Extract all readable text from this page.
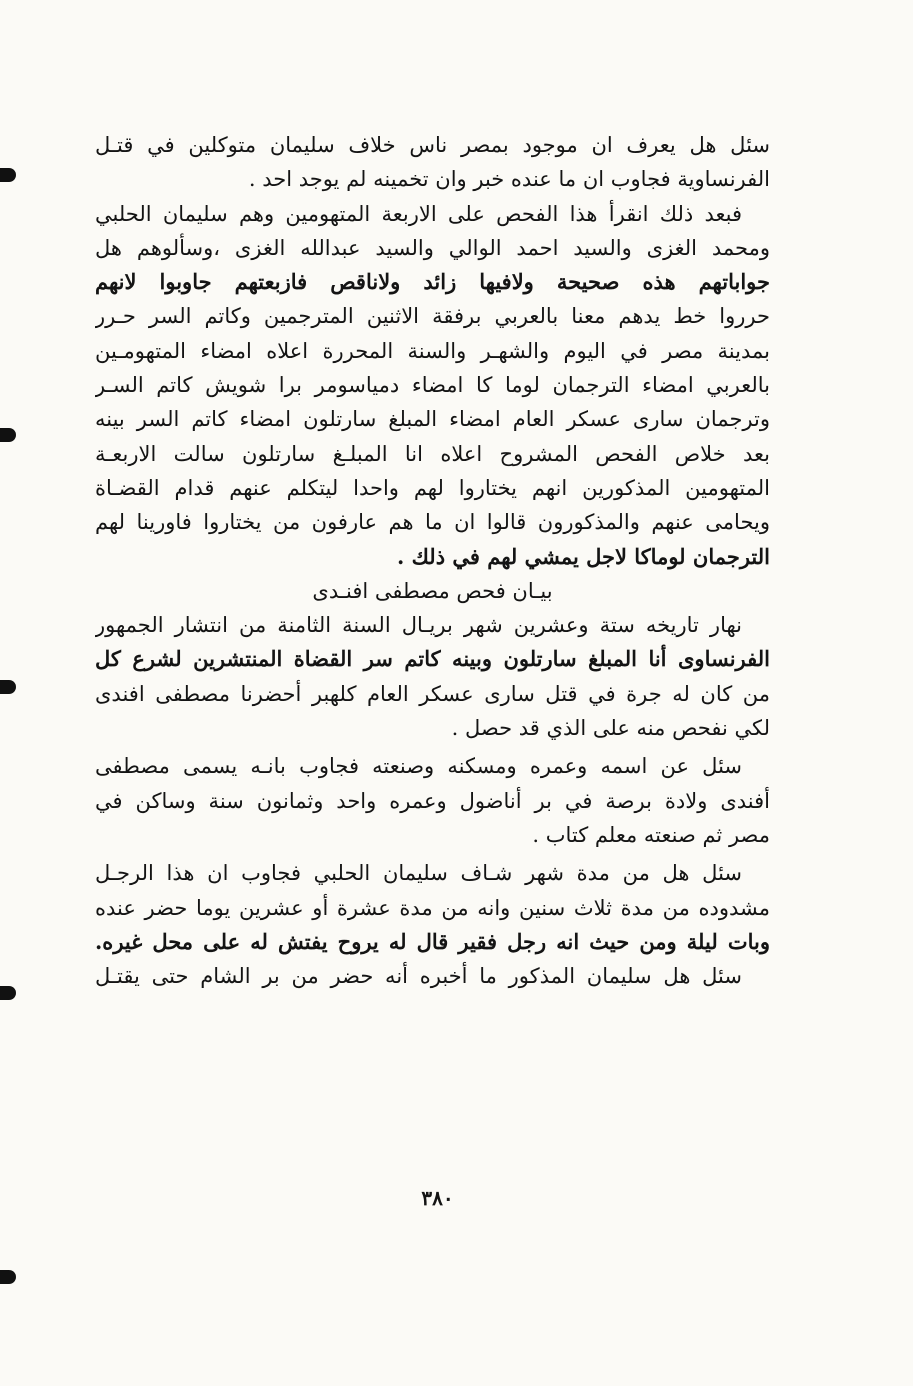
سئل هل يعرف ان موجود بمصر ناس خلاف سليمان متوكلين في قتـل
الفرنساوية فجاوب ان ما عنده خبر وان تخمينه لم يوجد احد .
فبعد ذلك انقرأ هذا الفحص على الاربعة المتهومين وهم سليمان الحلبي
ومحمد الغزى والسيد احمد الوالي والسيد عبدالله الغزى ،وسألوهم هل
جواباتهم هذه صحيحة ولافيها زائد ولاناقص فازبعتهم جاوبوا لانهم
حرروا خط يدهم معنا بالعربي برفقة الاثنين المترجمين وكاتم السر حـرر
بمدينة مصر في اليوم والشهـر والسنة المحررة اعلاه امضاء المتهومـين
بالعربي امضاء الترجمان لوما كا امضاء دمياسومر برا شويش كاتم السـر
وترجمان سارى عسكر العام امضاء المبلغ سارتلون امضاء كاتم السر بينه
بعد خلاص الفحص المشروح اعلاه انا المبلـغ سارتلون سالت الاربعـة
المتهومين المذكورين انهم يختاروا لهم واحدا ليتكلم عنهم قدام القضـاة
ويحامى عنهم والمذكورون قالوا ان ما هم عارفون من يختاروا فاورينا لهم
الترجمان لوماكا لاجل يمشي لهم في ذلك .
بيـان فحص مصطفى افنـدى
نهار تاريخه ستة وعشرين شهر بريـال السنة الثامنة من انتشار الجمهور
الفرنساوى أنا المبلغ سارتلون وبينه كاتم سر القضاة المنتشرين لشرع كل
من كان له جرة في قتل سارى عسكر العام كلهبر أحضرنا مصطفى افندى
لكي نفحص منه على الذي قد حصل .
سئل عن اسمه وعمره ومسكنه وصنعته فجاوب بانـه يسمى مصطفى
أفندى ولادة برصة في بر أناضول وعمره واحد وثمانون سنة وساكن في
مصر ثم صنعته معلم كتاب .
سئل هل من مدة شهر شـاف سليمان الحلبي فجاوب ان هذا الرجـل
مشدوده من مدة ثلاث سنين وانه من مدة عشرة أو عشرين يوما حضر عنده
وبات ليلة ومن حيث انه رجل فقير قال له يروح يفتش له على محل غيره.
سئل هل سليمان المذكور ما أخبره أنه حضر من بر الشام حتى يقتـل
٣٨٠
